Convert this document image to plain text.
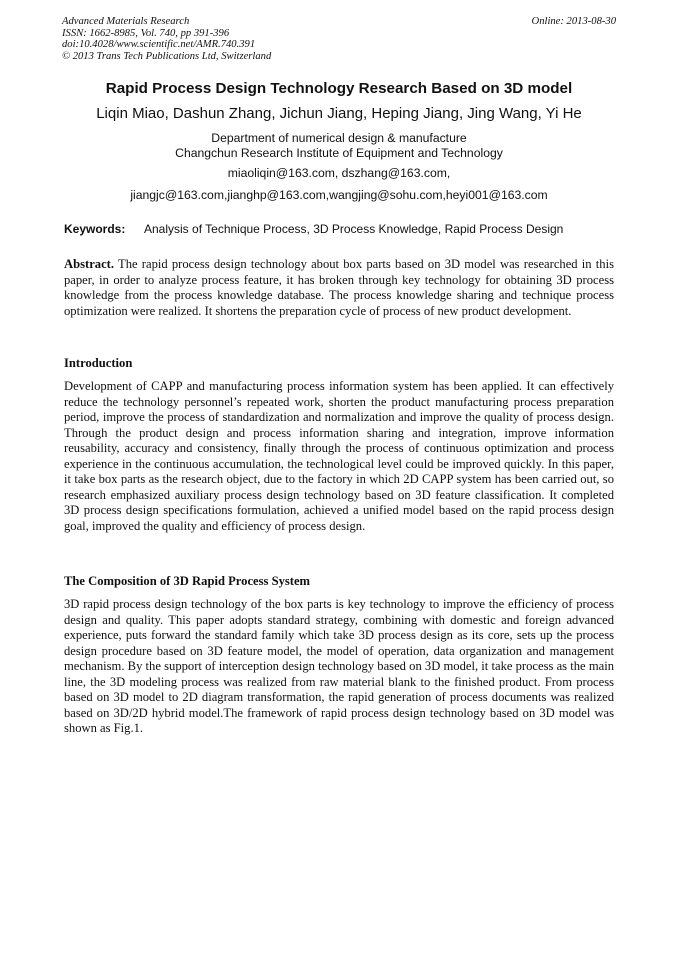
Advanced Materials Research
ISSN: 1662-8985, Vol. 740, pp 391-396
doi:10.4028/www.scientific.net/AMR.740.391
© 2013 Trans Tech Publications Ltd, Switzerland
Online: 2013-08-30
Rapid Process Design Technology Research Based on 3D model
Liqin Miao, Dashun Zhang, Jichun Jiang, Heping Jiang, Jing Wang, Yi He
Department of numerical design & manufacture
Changchun Research Institute of Equipment and Technology
miaoliqin@163.com, dszhang@163.com,
jiangjc@163.com,jianghp@163.com,wangjing@sohu.com,heyi001@163.com
Keywords: Analysis of Technique Process, 3D Process Knowledge, Rapid Process Design

Abstract. The rapid process design technology about box parts based on 3D model was researched in this paper, in order to analyze process feature, it has broken through key technology for obtaining 3D process knowledge from the process knowledge database. The process knowledge sharing and technique process optimization were realized. It shortens the preparation cycle of process of new product development.

Introduction

Development of CAPP and manufacturing process information system has been applied. It can effectively reduce the technology personnel’s repeated work, shorten the product manufacturing process preparation period, improve the process of standardization and normalization and improve the quality of process design. Through the product design and process information sharing and integration, improve information reusability, accuracy and consistency, finally through the process of continuous optimization and process experience in the continuous accumulation, the technological level could be improved quickly. In this paper, it take box parts as the research object, due to the factory in which 2D CAPP system has been carried out, so research emphasized auxiliary process design technology based on 3D feature classification. It completed 3D process design specifications formulation, achieved a unified model based on the rapid process design goal, improved the quality and efficiency of process design.

The Composition of 3D Rapid Process System

3D rapid process design technology of the box parts is key technology to improve the efficiency of process design and quality. This paper adopts standard strategy, combining with domestic and foreign advanced experience, puts forward the standard family which take 3D process design as its core, sets up the process design procedure based on 3D feature model, the model of operation, data organization and management mechanism. By the support of interception design technology based on 3D model, it take process as the main line, the 3D modeling process was realized from raw material blank to the finished product. From process based on 3D model to 2D diagram transformation, the rapid generation of process documents was realized based on 3D/2D hybrid model.The framework of rapid process design technology based on 3D model was shown as Fig.1.
